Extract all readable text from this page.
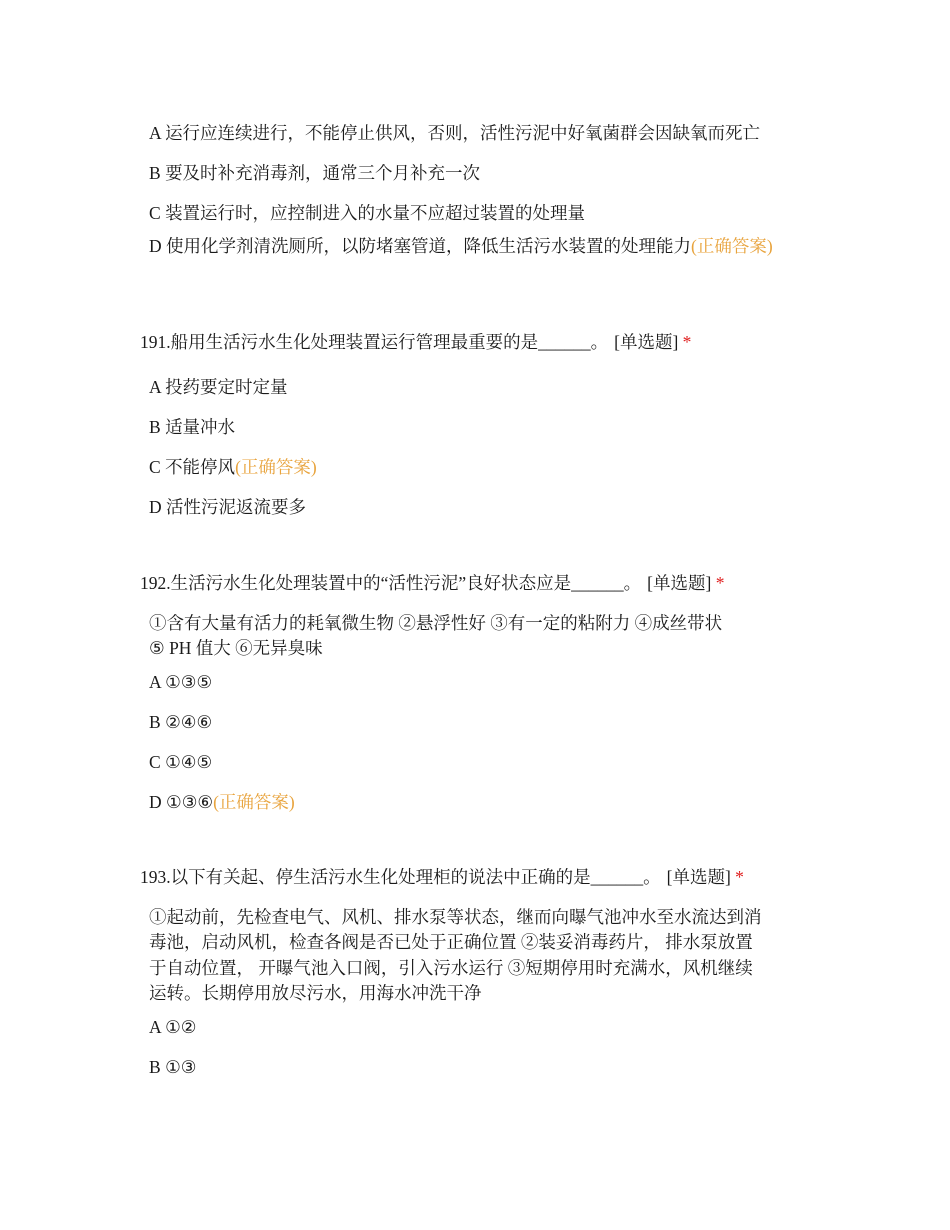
A 运行应连续进行，不能停止供风，否则，活性污泥中好氧菌群会因缺氧而死亡

B 要及时补充消毒剂，通常三个月补充一次

C 装置运行时，应控制进入的水量不应超过装置的处理量

D 使用化学剂清洗厕所，以防堵塞管道，降低生活污水装置的处理能力(正确答案)

191.船用生活污水生化处理装置运行管理最重要的是______。 [单选题] *

A 投药要定时定量

B 适量冲水

C 不能停风(正确答案)

D 活性污泥返流要多

192.生活污水生化处理装置中的“活性污泥”良好状态应是______。 [单选题] *

①含有大量有活力的耗氧微生物 ②悬浮性好 ③有一定的粘附力 ④成丝带状

⑤ PH 值大 ⑥无异臭味

A ①③⑤

B ②④⑥

C ①④⑤

D ①③⑥(正确答案)

193.以下有关起、停生活污水生化处理柜的说法中正确的是______。 [单选题] *

①起动前，先检查电气、风机、排水泵等状态，继而向曝气池冲水至水流达到消

毒池，启动风机，检查各阀是否已处于正确位置 ②装妥消毒药片， 排水泵放置

于自动位置， 开曝气池入口阀，引入污水运行 ③短期停用时充满水，风机继续

运转。长期停用放尽污水，用海水冲洗干净

A ①②

B ①③
